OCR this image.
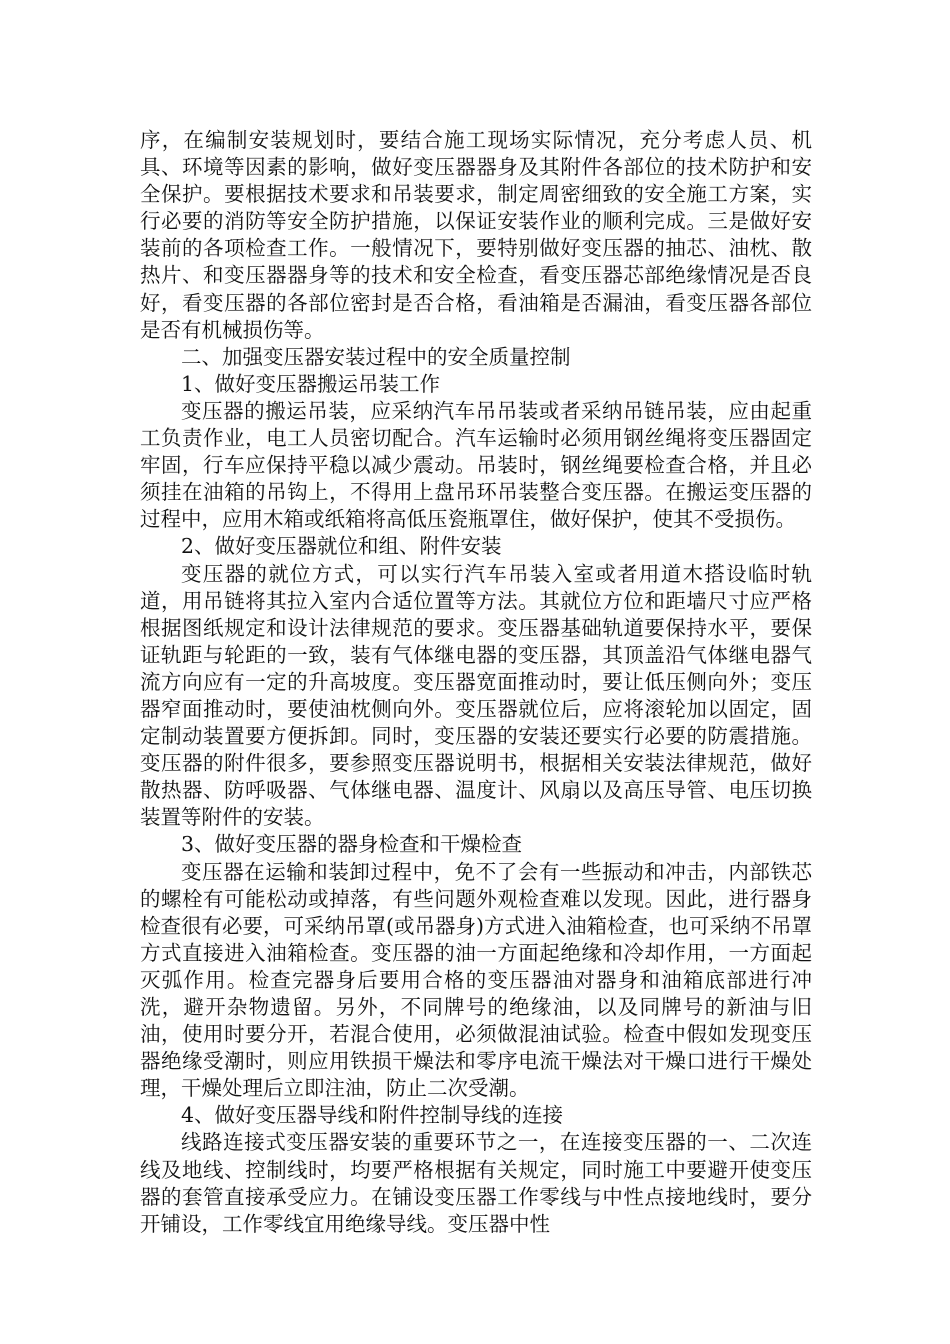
序，在编制安装规划时，要结合施工现场实际情况，充分考虑人员、机具、环境等因素的影响，做好变压器器身及其附件各部位的技术防护和安全保护。要根据技术要求和吊装要求，制定周密细致的安全施工方案，实行必要的消防等安全防护措施，以保证安装作业的顺利完成。三是做好安装前的各项检查工作。一般情况下，要特别做好变压器的抽芯、油枕、散热片、和变压器器身等的技术和安全检查，看变压器芯部绝缘情况是否良好，看变压器的各部位密封是否合格，看油箱是否漏油，看变压器各部位是否有机械损伤等。

二、加强变压器安装过程中的安全质量控制

1、做好变压器搬运吊装工作

变压器的搬运吊装，应采纳汽车吊吊装或者采纳吊链吊装，应由起重工负责作业，电工人员密切配合。汽车运输时必须用钢丝绳将变压器固定牢固，行车应保持平稳以减少震动。吊装时，钢丝绳要检查合格，并且必须挂在油箱的吊钩上，不得用上盘吊环吊装整合变压器。在搬运变压器的过程中，应用木箱或纸箱将高低压瓷瓶罩住，做好保护，使其不受损伤。

2、做好变压器就位和组、附件安装

变压器的就位方式，可以实行汽车吊装入室或者用道木搭设临时轨道，用吊链将其拉入室内合适位置等方法。其就位方位和距墙尺寸应严格根据图纸规定和设计法律规范的要求。变压器基础轨道要保持水平，要保证轨距与轮距的一致，装有气体继电器的变压器，其顶盖沿气体继电器气流方向应有一定的升高坡度。变压器宽面推动时，要让低压侧向外；变压器窄面推动时，要使油枕侧向外。变压器就位后，应将滚轮加以固定，固定制动装置要方便拆卸。同时，变压器的安装还要实行必要的防震措施。变压器的附件很多，要参照变压器说明书，根据相关安装法律规范，做好散热器、防呼吸器、气体继电器、温度计、风扇以及高压导管、电压切换装置等附件的安装。

3、做好变压器的器身检查和干燥检查

变压器在运输和装卸过程中，免不了会有一些振动和冲击，内部铁芯的螺栓有可能松动或掉落，有些问题外观检查难以发现。因此，进行器身检查很有必要，可采纳吊罩(或吊器身)方式进入油箱检查，也可采纳不吊罩方式直接进入油箱检查。变压器的油一方面起绝缘和冷却作用，一方面起灭弧作用。检查完器身后要用合格的变压器油对器身和油箱底部进行冲洗，避开杂物遗留。另外，不同牌号的绝缘油，以及同牌号的新油与旧油，使用时要分开，若混合使用，必须做混油试验。检查中假如发现变压器绝缘受潮时，则应用铁损干燥法和零序电流干燥法对干燥口进行干燥处理，干燥处理后立即注油，防止二次受潮。

4、做好变压器导线和附件控制导线的连接

线路连接式变压器安装的重要环节之一，在连接变压器的一、二次连线及地线、控制线时，均要严格根据有关规定，同时施工中要避开使变压器的套管直接承受应力。在铺设变压器工作零线与中性点接地线时，要分开铺设，工作零线宜用绝缘导线。变压器中性
